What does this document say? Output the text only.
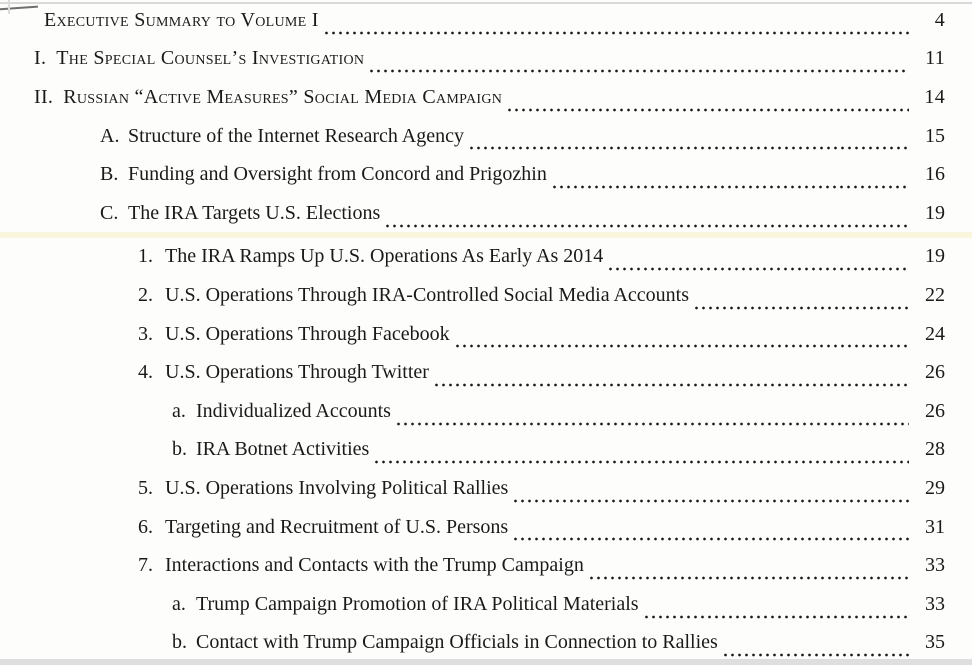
Executive Summary to Volume I	4
I. The Special Counsel’s Investigation	11
II. Russian “Active Measures” Social Media Campaign	14
A. Structure of the Internet Research Agency	15
B. Funding and Oversight from Concord and Prigozhin	16
C. The IRA Targets U.S. Elections	19
1. The IRA Ramps Up U.S. Operations As Early As 2014	19
2. U.S. Operations Through IRA-Controlled Social Media Accounts	22
3. U.S. Operations Through Facebook	24
4. U.S. Operations Through Twitter	26
a. Individualized Accounts	26
b. IRA Botnet Activities	28
5. U.S. Operations Involving Political Rallies	29
6. Targeting and Recruitment of U.S. Persons	31
7. Interactions and Contacts with the Trump Campaign	33
a. Trump Campaign Promotion of IRA Political Materials	33
b. Contact with Trump Campaign Officials in Connection to Rallies	35
